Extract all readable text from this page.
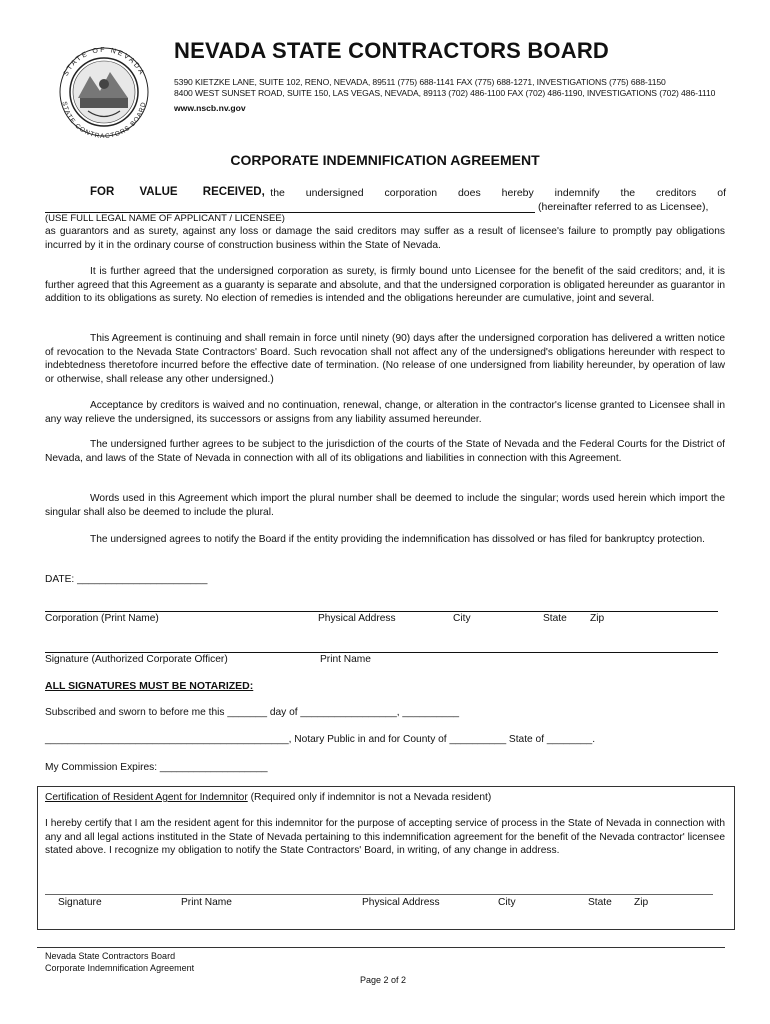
STATE OF NEVADA
STATE CONTRACTORS BOARD
NEVADA STATE CONTRACTORS BOARD
5390 KIETZKE LANE, SUITE 102, RENO, NEVADA, 89511 (775) 688-1141 FAX (775) 688-1271, INVESTIGATIONS (775) 688-1150
8400 WEST SUNSET ROAD, SUITE 150, LAS VEGAS, NEVADA, 89113 (702) 486-1100 FAX (702) 486-1190, INVESTIGATIONS (702) 486-1110
www.nscb.nv.gov
CORPORATE INDEMNIFICATION AGREEMENT
FOR VALUE RECEIVED, the undersigned corporation does hereby indemnify the creditors of
(hereinafter referred to as Licensee),
(USE FULL LEGAL NAME OF APPLICANT / LICENSEE)
as guarantors and as surety, against any loss or damage the said creditors may suffer as a result of licensee's failure to promptly pay obligations incurred by it in the ordinary course of construction business within the State of Nevada.
It is further agreed that the undersigned corporation as surety, is firmly bound unto Licensee for the benefit of the said creditors; and, it is further agreed that this Agreement as a guaranty is separate and absolute, and that the undersigned corporation is obligated hereunder as guarantor in addition to its obligations as surety. No election of remedies is intended and the obligations hereunder are cumulative, joint and several.
This Agreement is continuing and shall remain in force until ninety (90) days after the undersigned corporation has delivered a written notice of revocation to the Nevada State Contractors' Board. Such revocation shall not affect any of the undersigned's obligations hereunder with respect to indebtedness theretofore incurred before the effective date of termination. (No release of one undersigned from liability hereunder, by operation of law or otherwise, shall release any other undersigned.)
Acceptance by creditors is waived and no continuation, renewal, change, or alteration in the contractor's license granted to Licensee shall in any way relieve the undersigned, its successors or assigns from any liability assumed hereunder.
The undersigned further agrees to be subject to the jurisdiction of the courts of the State of Nevada and the Federal Courts for the District of Nevada, and laws of the State of Nevada in connection with all of its obligations and liabilities in connection with this Agreement.
Words used in this Agreement which import the plural number shall be deemed to include the singular; words used herein which import the singular shall also be deemed to include the plural.
The undersigned agrees to notify the Board if the entity providing the indemnification has dissolved or has filed for bankruptcy protection.
DATE: _______________________
Corporation (Print Name)	Physical Address	City	State Zip
Signature (Authorized Corporate Officer)	Print Name
ALL SIGNATURES MUST BE NOTARIZED:
Subscribed and sworn to before me this _______ day of _________________, __________
___________________________________________, Notary Public in and for County of __________ State of ________.
My Commission Expires: ___________________
Certification of Resident Agent for Indemnitor (Required only if indemnitor is not a Nevada resident)
I hereby certify that I am the resident agent for this indemnitor for the purpose of accepting service of process in the State of Nevada in connection with any and all legal actions instituted in the State of Nevada pertaining to this indemnification agreement for the benefit of the Nevada contractor' licensee stated above. I recognize my obligation to notify the State Contractors' Board, in writing, of any change in address.
Signature	Print Name	Physical Address	City	State Zip
Nevada State Contractors Board
Corporate Indemnification Agreement
Page 2 of 2
